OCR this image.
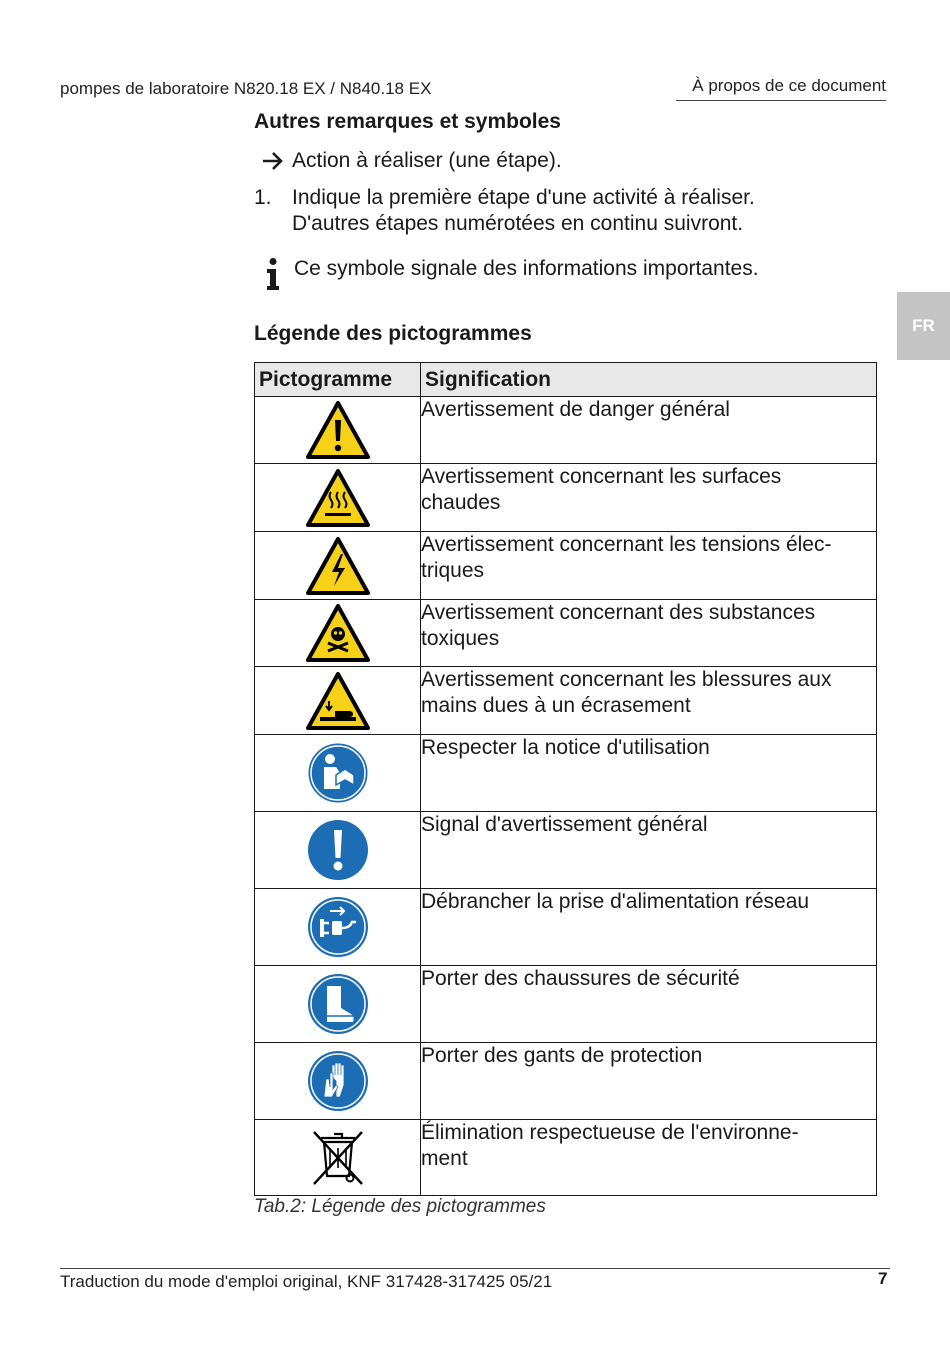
pompes de laboratoire N820.18 EX / N840.18 EX	À propos de ce document
FR
Autres remarques et symboles
Action à réaliser (une étape).
1. Indique la première étape d'une activité à réaliser.
D'autres étapes numérotées en continu suivront.
Ce symbole signale des informations importantes.
Légende des pictogrammes
Pictogramme	Signification

Avertissement de danger général

Avertissement concernant les surfaces
chaudes

Avertissement concernant les tensions élec-
triques

Avertissement concernant des substances
toxiques

Avertissement concernant les blessures aux
mains dues à un écrasement

Respecter la notice d'utilisation

Signal d'avertissement général

Débrancher la prise d'alimentation réseau

Porter des chaussures de sécurité

Porter des gants de protection

Élimination respectueuse de l'environne-
ment
Tab.2: Légende des pictogrammes
Traduction du mode d'emploi original, KNF 317428-317425 05/21	7
